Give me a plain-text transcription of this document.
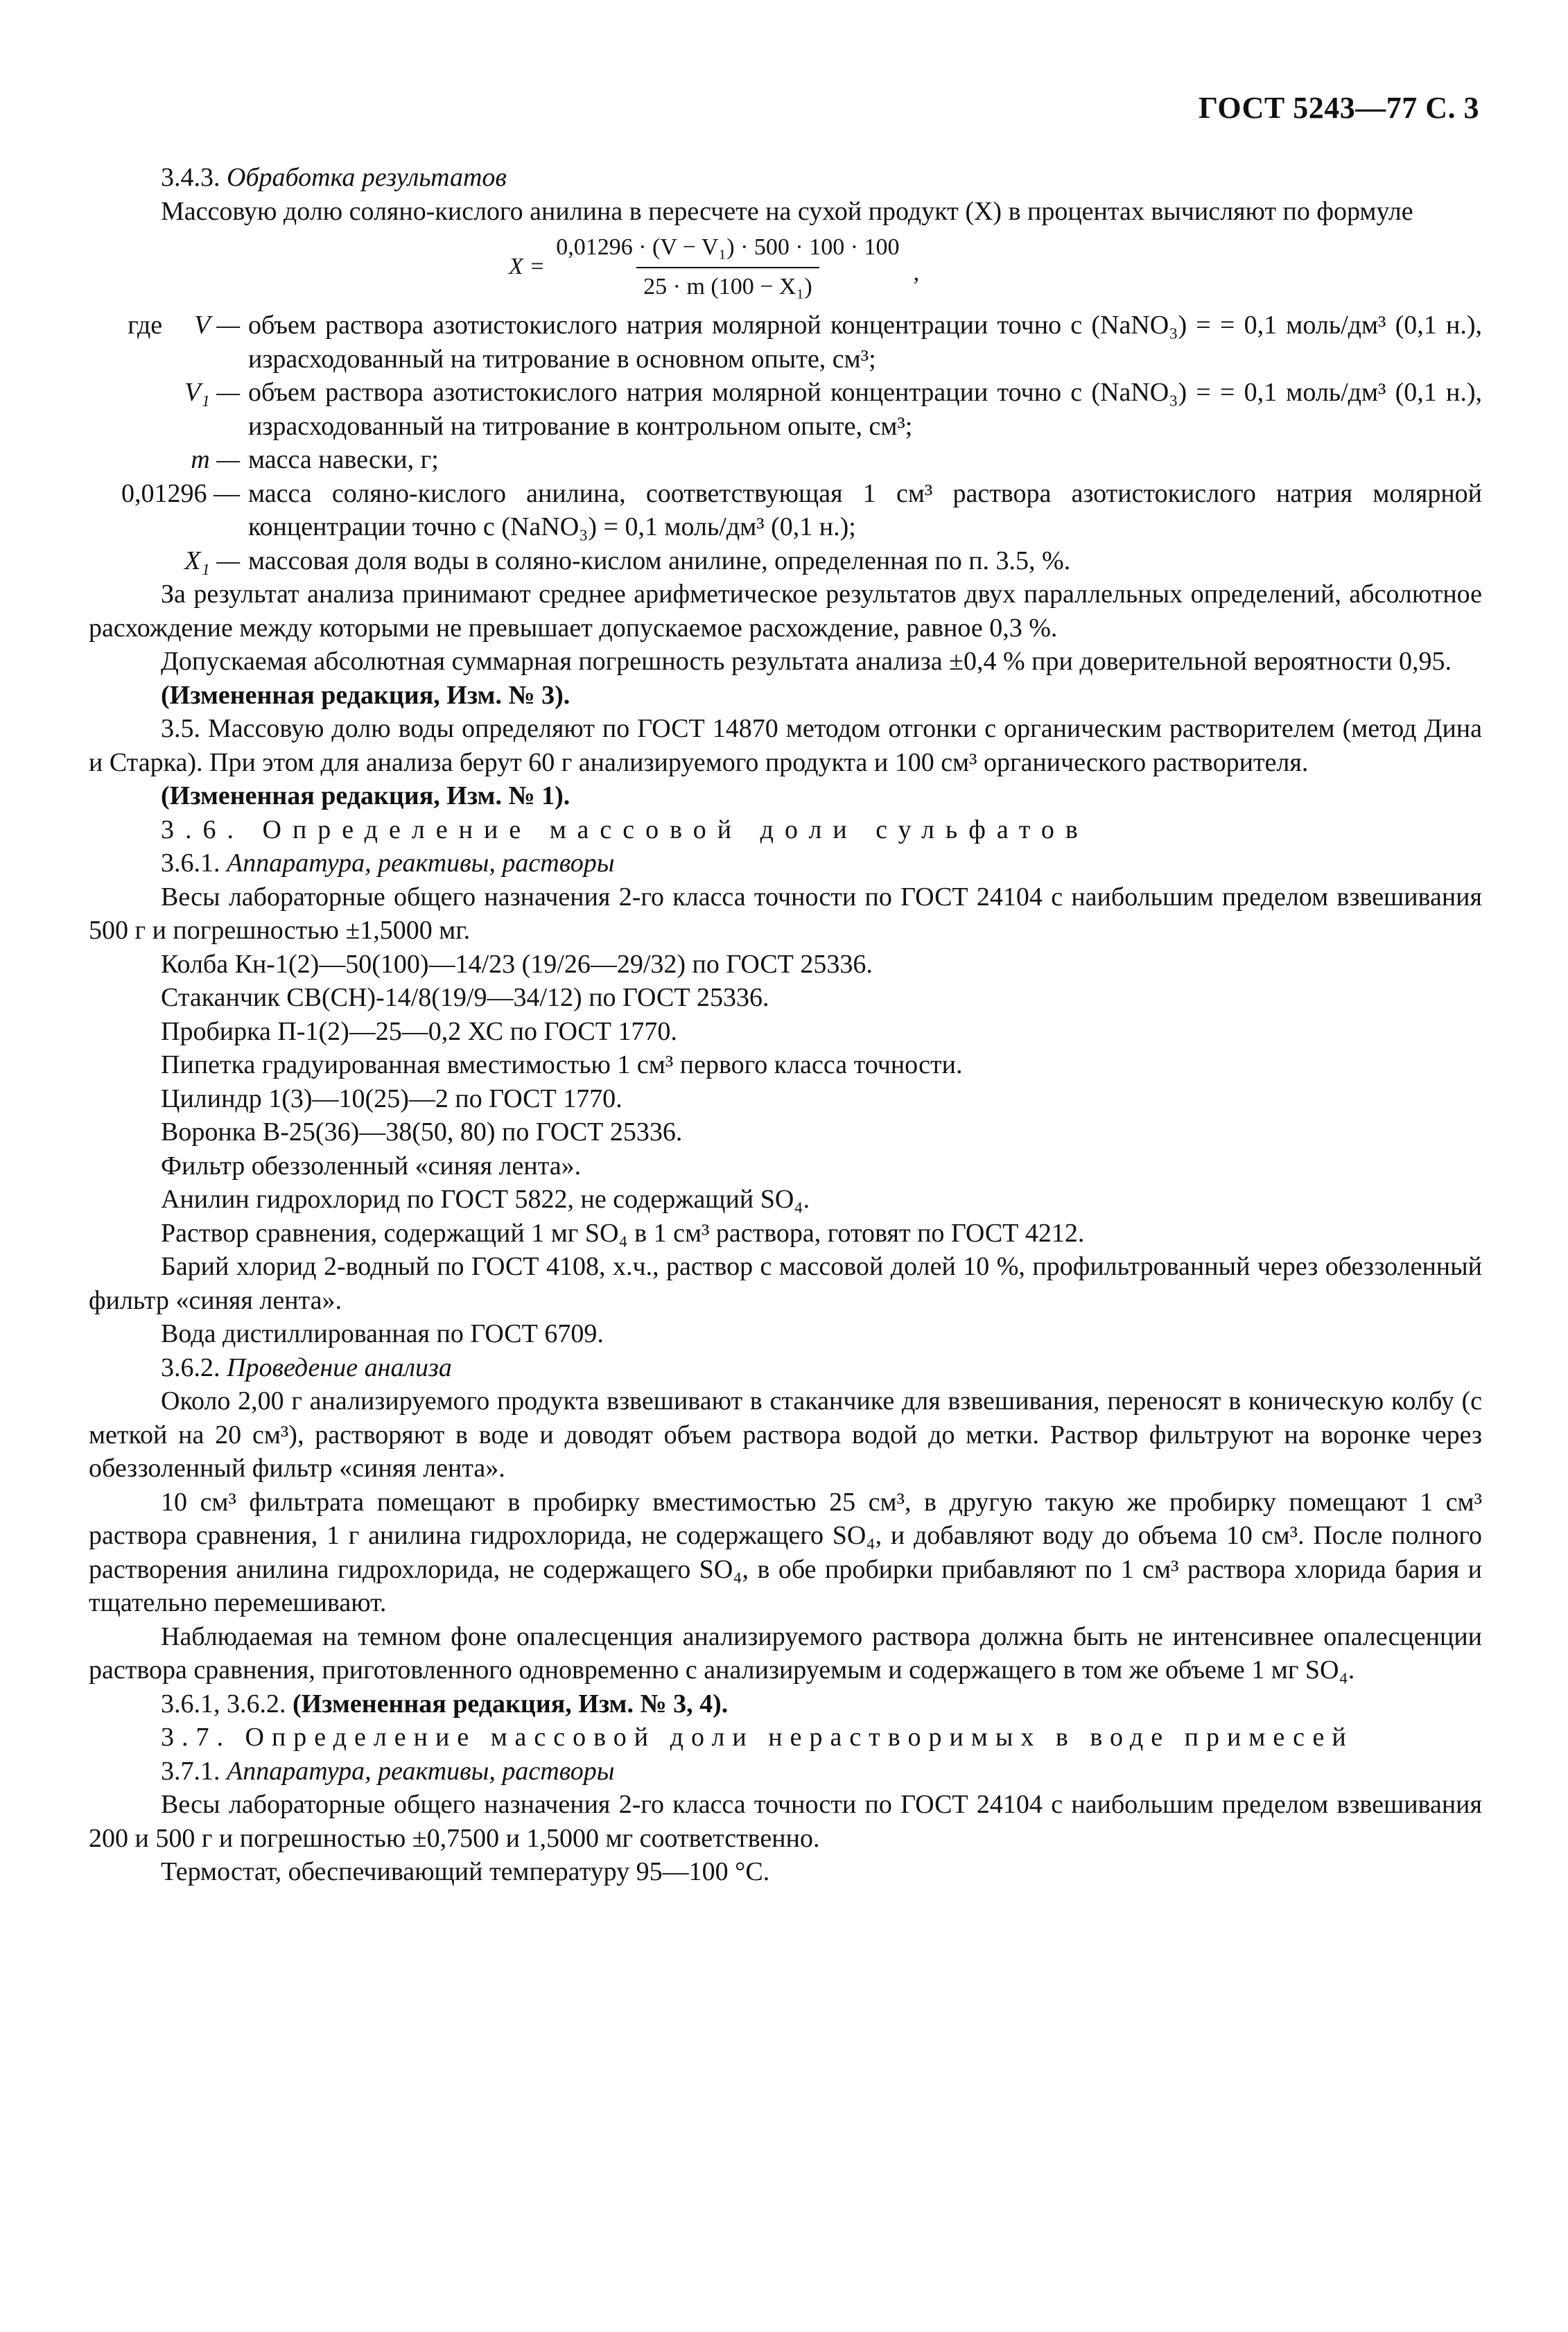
ГОСТ 5243—77 С. 3

3.4.3. Обработка результатов

Массовую долю соляно-кислого анилина в пересчете на сухой продукт (X) в процентах вычисляют по формуле

$X = \frac{\text{0,01296 · (V − V₁) · 500 · 100 · 100}}{\text{25 · m (100 − X₁)}}$ ,
где V — объем раствора азотистокислого натрия молярной концентрации точно c (NaNO₃) = = 0,1 моль/дм³ (0,1 н.), израсходованный на титрование в основном опыте, см³;
V₁ — объем раствора азотистокислого натрия молярной концентрации точно c (NaNO₃) = = 0,1 моль/дм³ (0,1 н.), израсходованный на титрование в контрольном опыте, см³;
m — масса навески, г;
0,01296 — масса соляно-кислого анилина, соответствующая 1 см³ раствора азотистокислого натрия молярной концентрации точно c (NaNO₃) = 0,1 моль/дм³ (0,1 н.);
X₁ — массовая доля воды в соляно-кислом анилине, определенная по п. 3.5, %.

За результат анализа принимают среднее арифметическое результатов двух параллельных определений, абсолютное расхождение между которыми не превышает допускаемое расхождение, равное 0,3 %.

Допускаемая абсолютная суммарная погрешность результата анализа ±0,4 % при доверительной вероятности 0,95.

(Измененная редакция, Изм. № 3).

3.5. Массовую долю воды определяют по ГОСТ 14870 методом отгонки с органическим растворителем (метод Дина и Старка). При этом для анализа берут 60 г анализируемого продукта и 100 см³ органического растворителя.

(Измененная редакция, Изм. № 1).

3.6. Определение массовой доли сульфатов

3.6.1. Аппаратура, реактивы, растворы

Весы лабораторные общего назначения 2-го класса точности по ГОСТ 24104 с наибольшим пределом взвешивания 500 г и погрешностью ±1,5000 мг.

Колба Кн-1(2)—50(100)—14/23 (19/26—29/32) по ГОСТ 25336.

Стаканчик СВ(СН)-14/8(19/9—34/12) по ГОСТ 25336.

Пробирка П-1(2)—25—0,2 ХС по ГОСТ 1770.

Пипетка градуированная вместимостью 1 см³ первого класса точности.

Цилиндр 1(3)—10(25)—2 по ГОСТ 1770.

Воронка В-25(36)—38(50, 80) по ГОСТ 25336.

Фильтр обеззоленный «синяя лента».

Анилин гидрохлорид по ГОСТ 5822, не содержащий SO₄.

Раствор сравнения, содержащий 1 мг SO₄ в 1 см³ раствора, готовят по ГОСТ 4212.

Барий хлорид 2-водный по ГОСТ 4108, х.ч., раствор с массовой долей 10 %, профильтрованный через обеззоленный фильтр «синяя лента».

Вода дистиллированная по ГОСТ 6709.

3.6.2. Проведение анализа

Около 2,00 г анализируемого продукта взвешивают в стаканчике для взвешивания, переносят в коническую колбу (с меткой на 20 см³), растворяют в воде и доводят объем раствора водой до метки. Раствор фильтруют на воронке через обеззоленный фильтр «синяя лента».

10 см³ фильтрата помещают в пробирку вместимостью 25 см³, в другую такую же пробирку помещают 1 см³ раствора сравнения, 1 г анилина гидрохлорида, не содержащего SO₄, и добавляют воду до объема 10 см³. После полного растворения анилина гидрохлорида, не содержащего SO₄, в обе пробирки прибавляют по 1 см³ раствора хлорида бария и тщательно перемешивают.

Наблюдаемая на темном фоне опалесценция анализируемого раствора должна быть не интенсивнее опалесценции раствора сравнения, приготовленного одновременно с анализируемым и содержащего в том же объеме 1 мг SO₄.

3.6.1, 3.6.2. (Измененная редакция, Изм. № 3, 4).

3.7. Определение массовой доли нерастворимых в воде примесей

3.7.1. Аппаратура, реактивы, растворы

Весы лабораторные общего назначения 2-го класса точности по ГОСТ 24104 с наибольшим пределом взвешивания 200 и 500 г и погрешностью ±0,7500 и 1,5000 мг соответственно.

Термостат, обеспечивающий температуру 95—100 °С.
